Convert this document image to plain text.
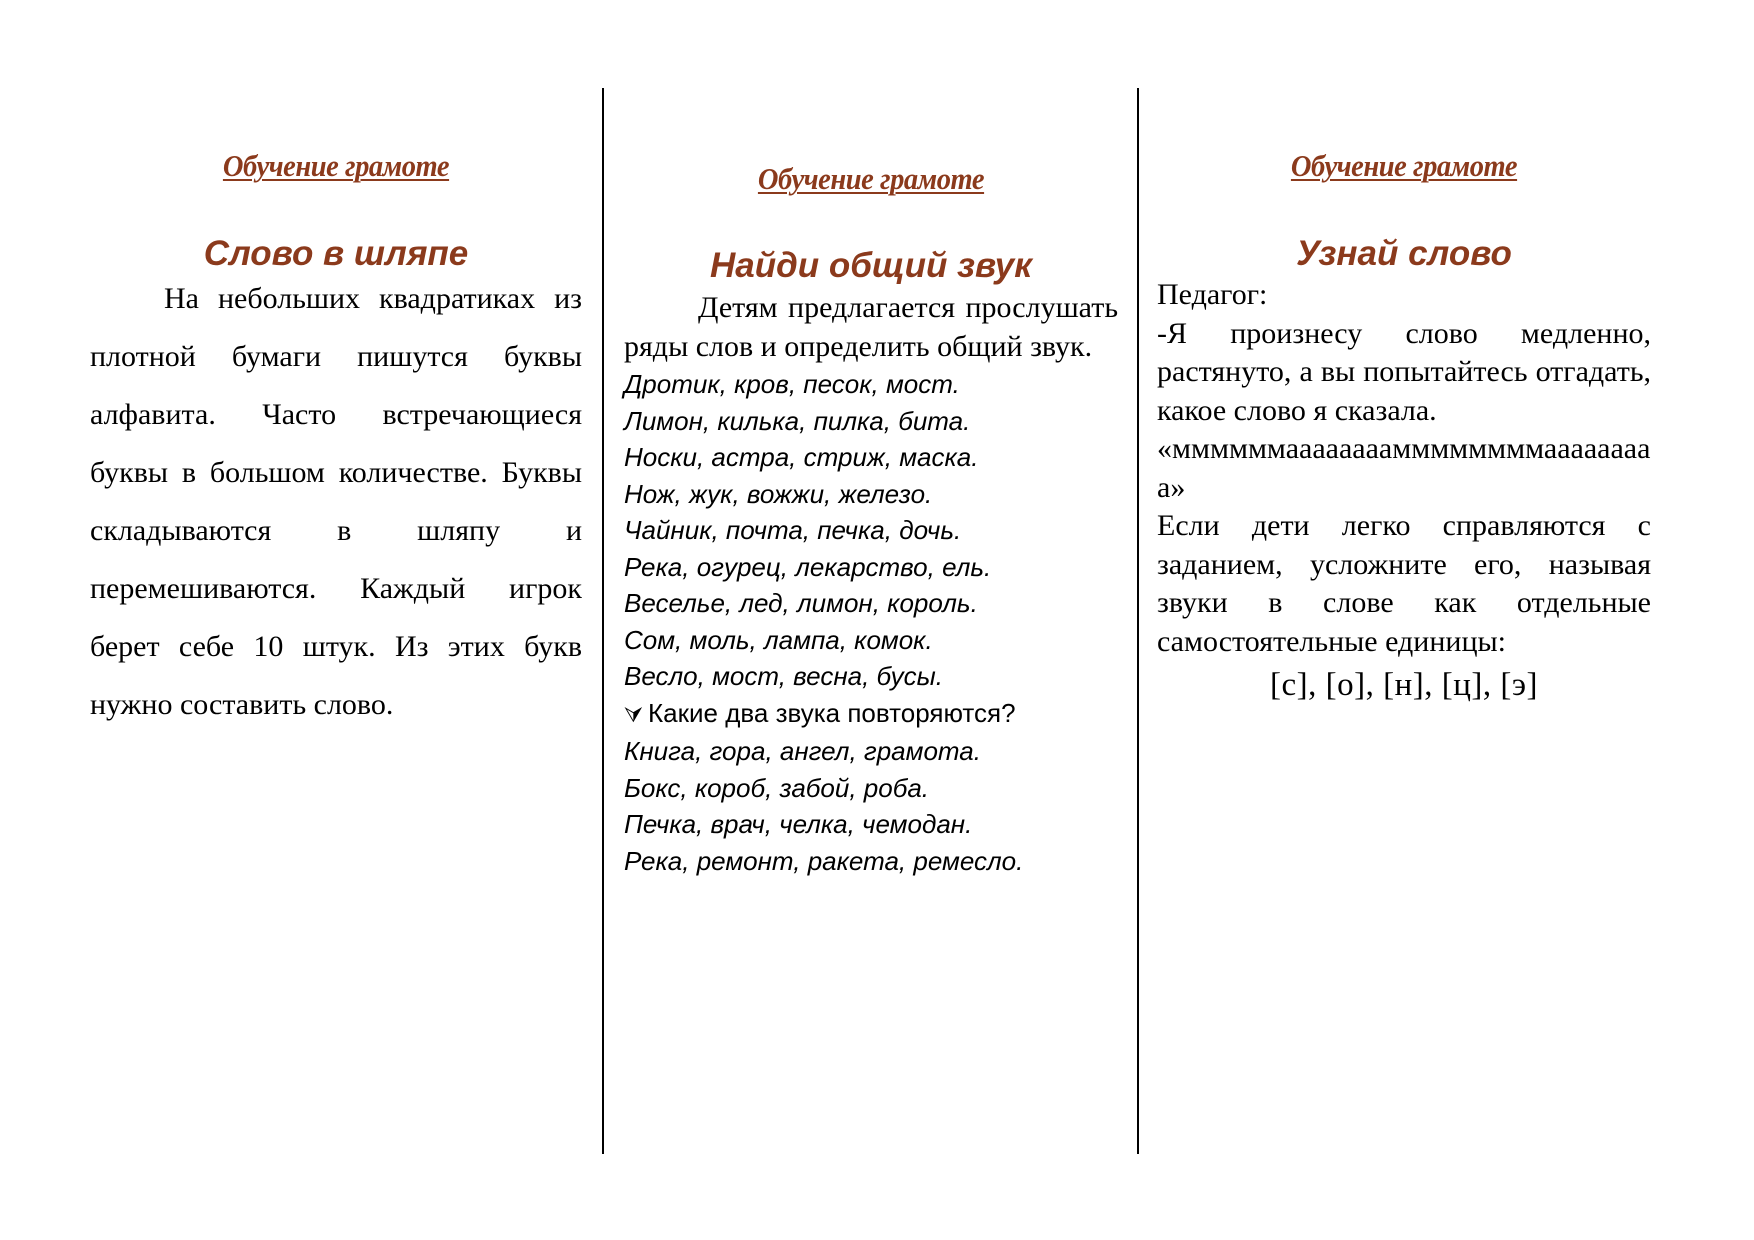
Обучение грамоте
Слово в шляпе

На небольших квадратиках из плотной бумаги пишутся буквы алфавита. Часто встречающиеся буквы в большом количестве. Буквы складываются в шляпу и перемешиваются. Каждый игрок берет себе 10 штук. Из этих букв нужно составить слово.

Обучение грамоте
Найди общий звук

Детям предлагается прослушать ряды слов и определить общий звук.

Дротик, кров, песок, мост.
Лимон, килька, пилка, бита.
Носки, астра, стриж, маска.
Нож, жук, вожжи, железо.
Чайник, почта, печка, дочь.
Река, огурец, лекарство, ель.
Веселье, лед, лимон, король.
Сом, моль, лампа, комок.
Весло, мост, весна, бусы.
⮛ Какие два звука повторяются?
Книга, гора, ангел, грамота.
Бокс, короб, забой, роба.
Печка, врач, челка, чемодан.
Река, ремонт, ракета, ремесло.
Обучение грамоте
Узнай слово

Педагог:

-Я произнесу слово медленно, растянуто, а вы попытайтесь отгадать, какое слово я сказала.

«ммммммааааааааммммммммааааааааа»

Если дети легко справляются с заданием, усложните его, называя звуки в слове как отдельные самостоятельные единицы:

[с], [о], [н], [ц], [э]
